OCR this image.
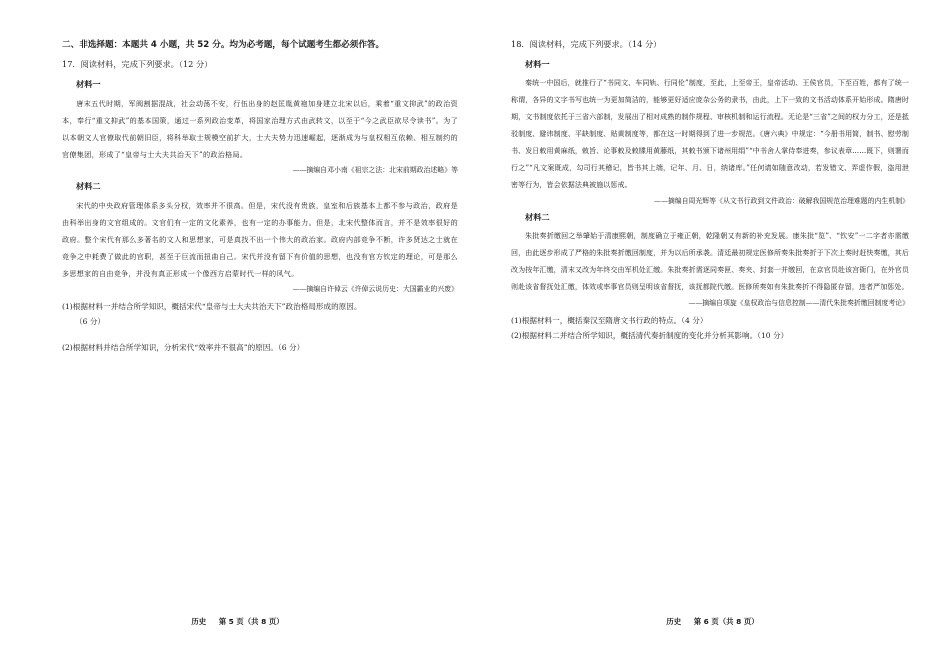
二、非选择题：本题共 4 小题，共 52 分。均为必考题，每个试题考生都必须作答。
17．阅读材料，完成下列要求。（12 分）
材料一

唐末五代时期，军阀割据混战，社会动荡不安，行伍出身的赵匡胤黄袍加身建立北宋以后，乘着“重文抑武”的政治资本，奉行“重文抑武”的基本国策，通过一系列政治变革，将国家治理方式由武转文，以至于“今之武臣欲尽令读书”。为了以本朝文人官僚取代前朝旧臣，将科举取士规模空前扩大，士大夫势力迅速崛起，逐渐成为与皇权相互依赖、相互制约的官僚集团，形成了“皇帝与士大夫共治天下”的政治格局。

——摘编自邓小南《祖宗之法：北宋前期政治述略》等
材料二

宋代的中央政府管理体系多头分权，效率并不很高。但是，宋代没有贵族，皇室和后族基本上都不参与政治，政府是由科举出身的文官组成的。文官们有一定的文化素养，也有一定的办事能力。但是，北宋代整体而言，并不是效率很好的政府。整个宋代有那么多著名的文人和思想家，可是真找不出一个伟大的政治家。政府内部竞争不断，许多贤达之士就在竞争之中耗费了做此的官职，甚至于巨流而扭曲自己。宋代并没有留下有价值的思想，也没有官方钦定的理论，可是那么多思想家的自由竞争，并没有真正形成一个像西方启蒙时代一样的风气。

——摘编自许倬云《许倬云说历史：大国霸业的兴废》
(1)根据材料一并结合所学知识，概括宋代“皇帝与士大夫共治天下”政治格局形成的原因。
（6 分）
(2)根据材料并结合所学知识，分析宋代“效率并不很高”的原因。（6 分）
历史 第 5 页（共 8 页）
18．阅读材料，完成下列要求。（14 分）
材料一

秦统一中国后，就推行了“书同文、车同轨、行同伦”制度，至此，上至帝王，皇帝活动、王侯官员，下至百姓，都有了统一称谓，各异的文字书写也统一为更加简洁的，能够更好适应庞杂公务的隶书，由此，上下一致的文书活动体系开始形成。隋唐时期，文书制度依托于三省六部制，发展出了相对成熟的制作规程、审核机制和运行流程。无论是“三省”之间的权力分工，还是抵驳制度、避讳制度、平缺制度、贴黄制度等，都在这一时期得到了进一步规范。《唐六典》中规定：“今册书用简，制书、慰劳制书、发日敕用黄麻纸，敕旨、论事敕及敕牒用黄藤纸，其敕书颁下诸州用绢”“中书舍人掌侍奉进奏，参议表章……既下，则署而行之”“凡文案既成，勾司行其稽记，皆书其上端，记年、月、日，纳诸库。”任何请如随意改动，若发错文、弄虚作假，盗用泄密等行为，皆会依据法典被施以惩戒。

——摘编自周光辉等《从文书行政到文件政治：破解我国规范治理难题的内生机制》
材料二

朱批奏折缴回之举肇始于清康熙朝，制度确立于雍正朝，乾隆朝又有新的补充发展。康朱批“览”、“钦安”一二字者亦需缴回，由此逐步形成了严格的朱批奏折缴回制度，并为以后所承袭。清廷最初规定医修所奏朱批奏折于下次上奏时赶快奏缴，其后改为按年汇缴，清末又改为年终交由军机处汇缴。朱批奏折需逐同奏匣、奏夹、封套一并缴回，在京官员赴该宫衙门，在外官员则赴该省督抚处汇缴，体效或率事官员则呈明该省督抚，该抚都院代缴。医修所奏如有朱批奏折不得隐匿存留，违者严加惩处。

——摘编自项旋《皇权政治与信息控制——清代朱批奏折缴回制度考论》
(1)根据材料一，概括秦汉至隋唐文书行政的特点。（4 分）
(2)根据材料二并结合所学知识，概括清代奏折制度的变化并分析其影响。（10 分）
历史 第 6 页（共 8 页）
